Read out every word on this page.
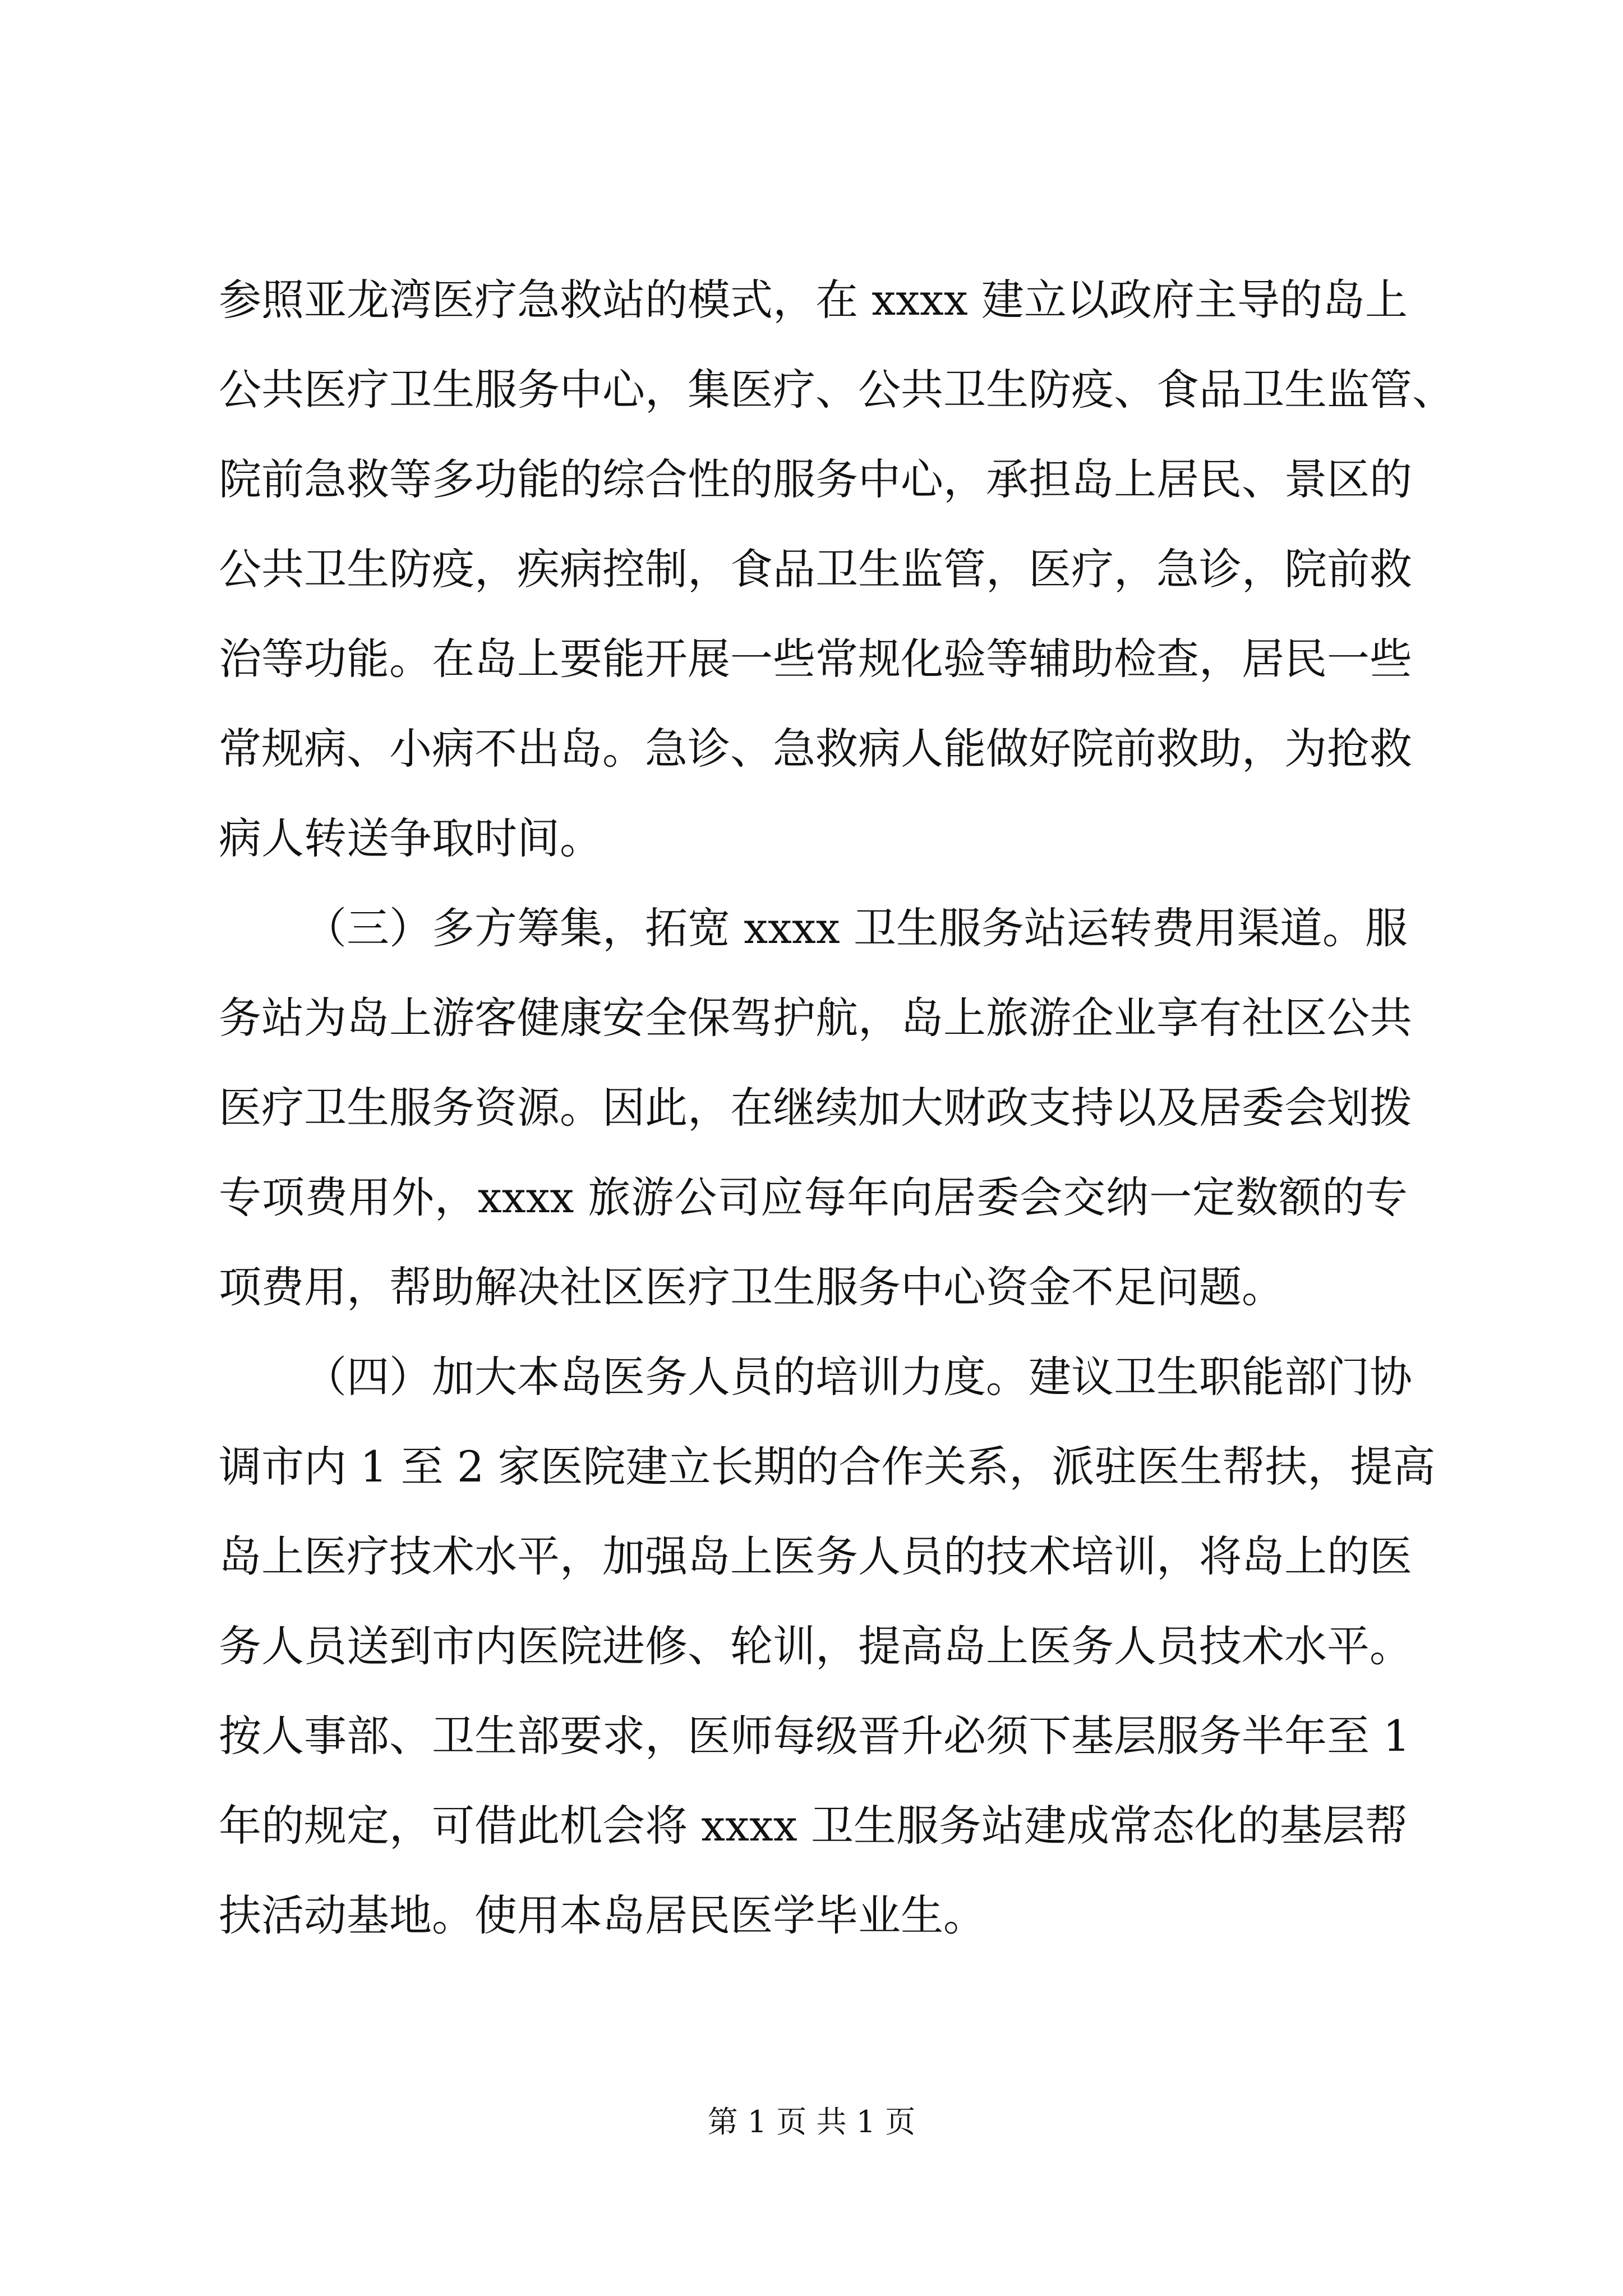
参照亚龙湾医疗急救站的模式，在 xxxx 建立以政府主导的岛上
公共医疗卫生服务中心，集医疗、公共卫生防疫、食品卫生监管、
院前急救等多功能的综合性的服务中心，承担岛上居民、景区的
公共卫生防疫，疾病控制，食品卫生监管，医疗，急诊，院前救
治等功能。在岛上要能开展一些常规化验等辅助检查，居民一些
常规病、小病不出岛。急诊、急救病人能做好院前救助，为抢救
病人转送争取时间。
（三）多方筹集，拓宽 xxxx 卫生服务站运转费用渠道。服
务站为岛上游客健康安全保驾护航，岛上旅游企业享有社区公共
医疗卫生服务资源。因此，在继续加大财政支持以及居委会划拨
专项费用外，xxxx 旅游公司应每年向居委会交纳一定数额的专
项费用，帮助解决社区医疗卫生服务中心资金不足问题。
（四）加大本岛医务人员的培训力度。建议卫生职能部门协
调市内 1 至 2 家医院建立长期的合作关系，派驻医生帮扶，提高
岛上医疗技术水平，加强岛上医务人员的技术培训，将岛上的医
务人员送到市内医院进修、轮训，提高岛上医务人员技术水平。
按人事部、卫生部要求，医师每级晋升必须下基层服务半年至 1
年的规定，可借此机会将 xxxx 卫生服务站建成常态化的基层帮
扶活动基地。使用本岛居民医学毕业生。
第 1 页 共 1 页
